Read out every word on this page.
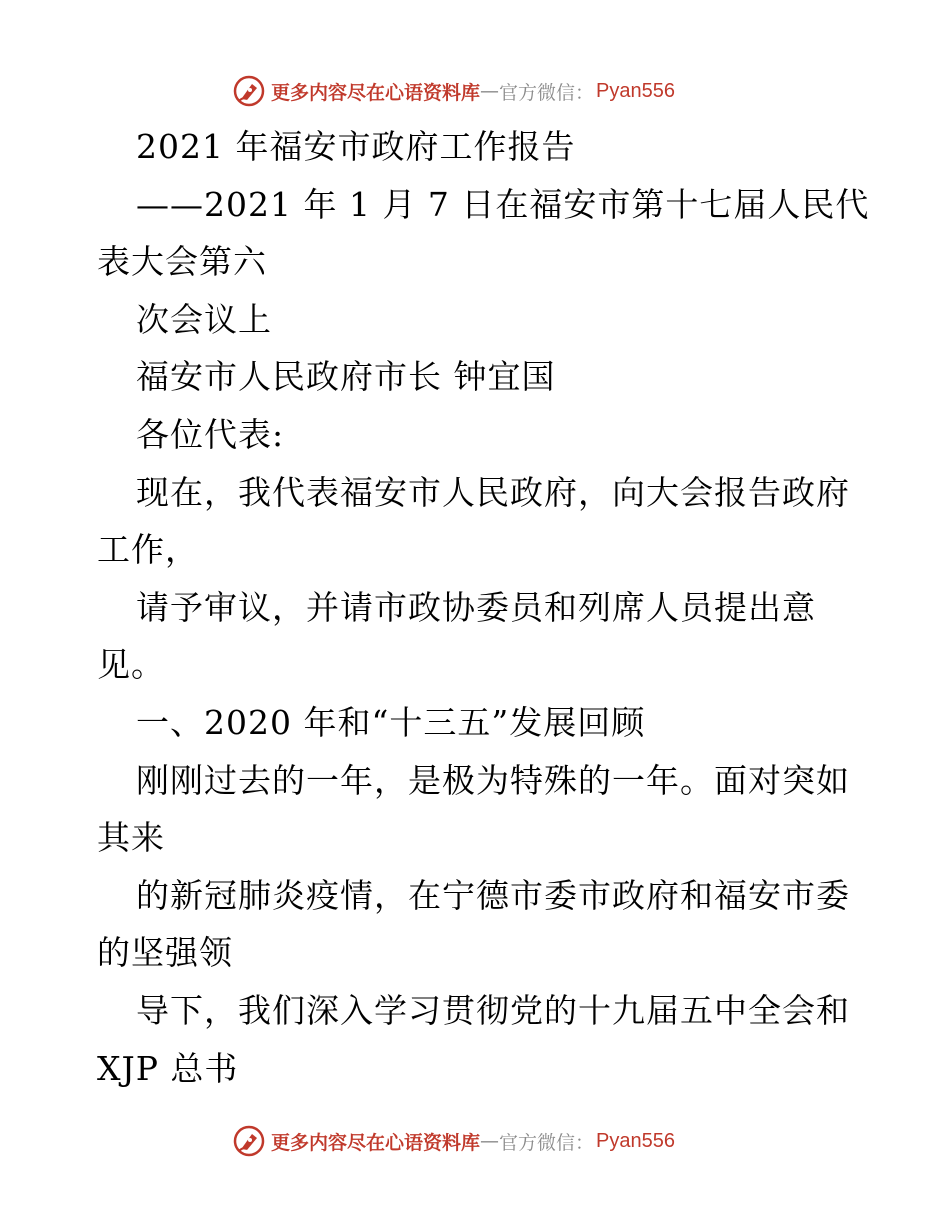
更多内容尽在心语资料库 — 官方微信： Pyan556
2021 年福安市政府工作报告
——2021 年 1 月 7 日在福安市第十七届人民代
表大会第六
次会议上
福安市人民政府市长 钟宜国
各位代表:
现在，我代表福安市人民政府，向大会报告政府
工作，
请予审议，并请市政协委员和列席人员提出意
见。
一、2020 年和“十三五”发展回顾
刚刚过去的一年，是极为特殊的一年。面对突如
其来
的新冠肺炎疫情，在宁德市委市政府和福安市委
的坚强领
导下，我们深入学习贯彻党的十九届五中全会和
XJP 总书
更多内容尽在心语资料库 — 官方微信： Pyan556
